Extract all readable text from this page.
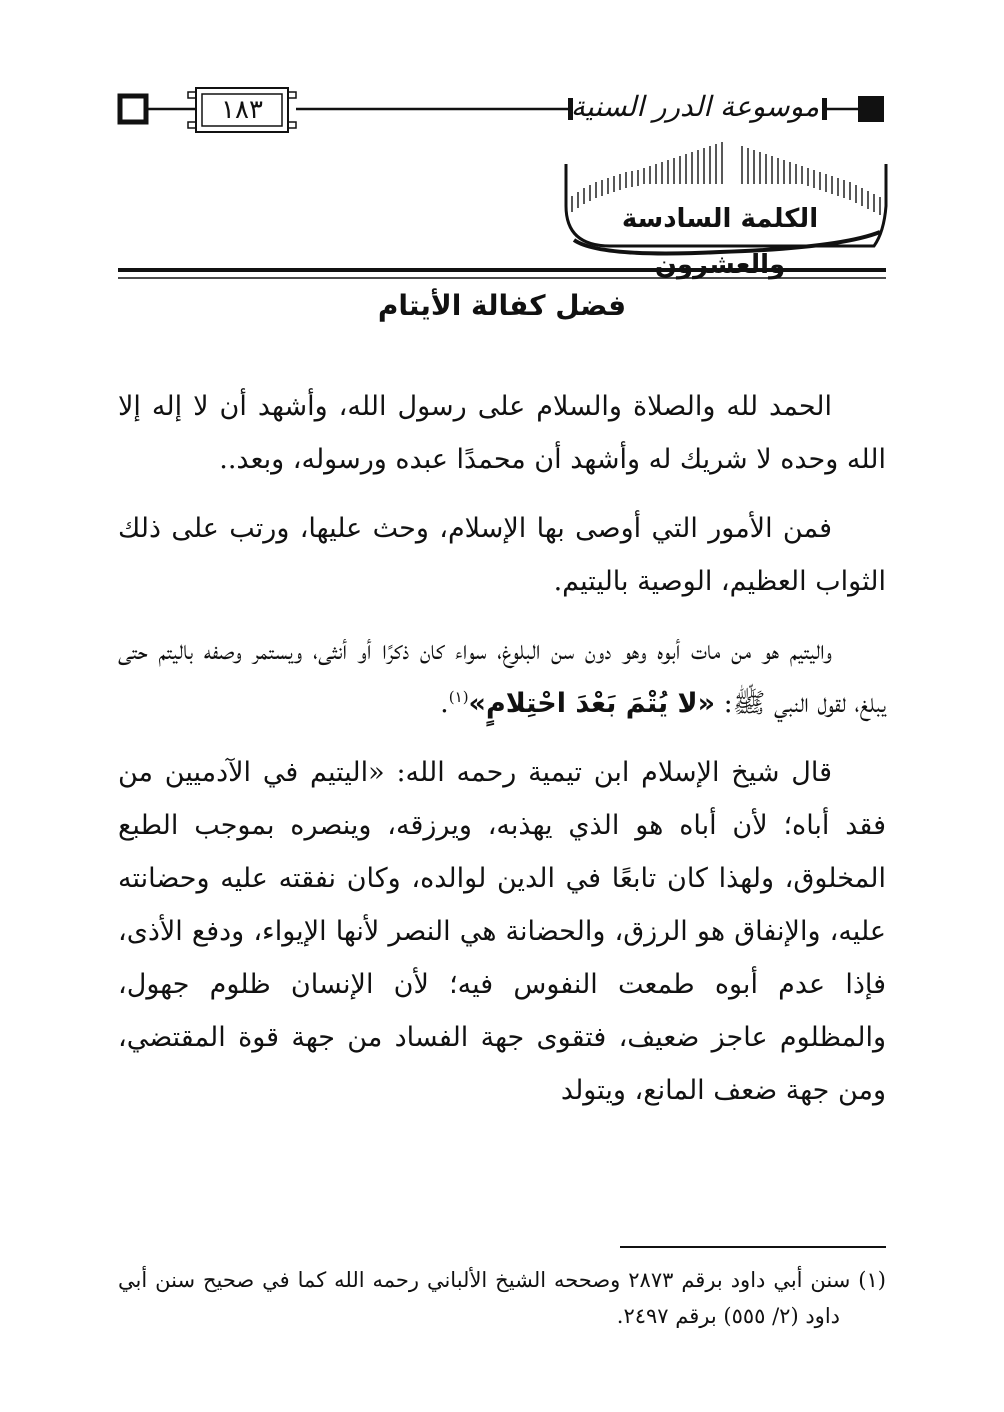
موسوعة الدرر السنية
١٨٣
الكلمة السادسة والعشرون
فضل كفالة الأيتام

الحمد لله والصلاة والسلام على رسول الله، وأشهد أن لا إله إلا الله وحده لا شريك له وأشهد أن محمدًا عبده ورسوله، وبعد..

فمن الأمور التي أوصى بها الإسلام، وحث عليها، ورتب على ذلك الثواب العظيم، الوصية باليتيم.

واليتيم هو من مات أبوه وهو دون سن البلوغ، سواء كان ذكرًا أو أنثى، ويستمر وصفه باليتم حتى يبلغ، لقول النبي ﷺ: «لا يُتْمَ بَعْدَ احْتِلامٍ»$^{(١)}$.

قال شيخ الإسلام ابن تيمية رحمه الله: «اليتيم في الآدميين من فقد أباه؛ لأن أباه هو الذي يهذبه، ويرزقه، وينصره بموجب الطبع المخلوق، ولهذا كان تابعًا في الدين لوالده، وكان نفقته عليه وحضانته عليه، والإنفاق هو الرزق، والحضانة هي النصر لأنها الإيواء، ودفع الأذى، فإذا عدم أبوه طمعت النفوس فيه؛ لأن الإنسان ظلوم جهول، والمظلوم عاجز ضعيف، فتقوى جهة الفساد من جهة قوة المقتضي، ومن جهة ضعف المانع، ويتولد

(١) سنن أبي داود برقم ٢٨٧٣ وصححه الشيخ الألباني رحمه الله كما في صحيح سنن أبي داود (٢/ ٥٥٥) برقم ٢٤٩٧.
